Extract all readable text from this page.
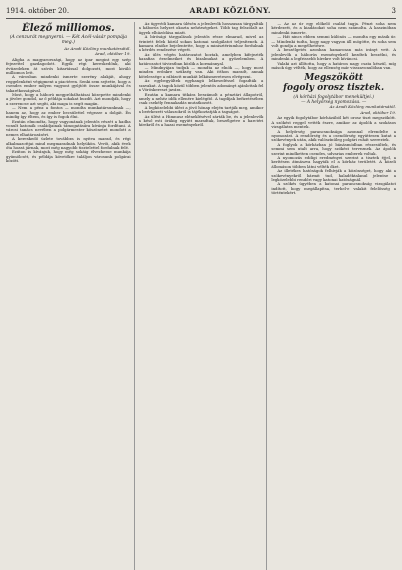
1914. október 20.	ARADI KÖZLÖNY.	3
Élező milliomos.
(A cenzurát megnyerni. — Két Acél-vásár pompája meg.)
Az Aradi Közlöny munkatársától.
Arad, október 19.

Aligha a magyarországi, hogy az ipar megint egy szép fejezettel gazdagodott. Egyik régi kereskedőnk, aki évtizedeken át szívós kitartással dolgozott, most kiváló milliomos lett.

A városban mindenki ismerte szerény alakját, ahogy reggelenként végigment a piactéren. Senki sem sejtette, hogy a csendes ember milyen vagyont gyűjtött össze munkájával és takarékosságával.

Most, hogy a háború megpróbáltatásai közepette mindenki a jövőre gondol, az ő példája sokakat buzdít. Azt mondják, hogy a szerencse azt segíti, aki maga is segít magán.

— Nem a pénz a fontos — mondta munkatársunknak —, hanem az, hogy az ember becsülettel végezze a dolgát. Én mindig így éltem, és így is fogok élni.

Ezután elmondta, hogy vagyonának jelentős részét a hadba vonult katonák családjainak támogatására kívánja fordítani. A városi tanács nevében a polgármester köszönetet mondott a nemes elhatározásért.

A kereskedő üzlete továbbra is nyitva marad, és régi alkalmazottjai mind megmaradnak helyükön. Vevői, akik évek óta hozzá járnak, most még nagyobb tisztelettel fordulnak felé.

Ezúton is kívánjuk, hogy még sokáig élvezhesse munkája gyümölcsét, és példája követőkre találjon városunk polgárai között.

Az ügyvédi kamara ülésén a jelenlevők hosszasan tárgyalták a háborús helyzet okozta nehézségeket. Több tag felszólalt az ügyek elhúzódása miatt.

A bírósági tárgyalások jelentős része elmarad, mivel az érintett felek közül sokan katonai szolgálatot teljesítenek. A kamara elnöke bejelentette, hogy a minisztériumhoz fordulnak a kérdés rendezése végett.

Az ülés végén határozatot hoztak, amelyben kifejezték hazafias érzelmeiket és bizalmukat a győzelemben. A határozatot táviratban közlik a kormánnyal.

— Mindnyájan tudjuk — mondta az elnök —, hogy most minden erőnkre szükség van. Aki itthon maradt, annak kötelessége a rábízott munkát lelkiismeretesen elvégezni.

Az egybegyűltek egyhangú lelkesedéssel fogadták a szavakat. A tagok közül többen jelentős adományt ajánlottak fel a Vöröskereszt javára.

Ezután a kamara titkára beszámolt a pénztári állapotról, amely a nehéz idők ellenére kielégítő. A tagdíjak befizetésében csak csekély fennakadás mutatkozott.

A legközelebbi ülést a jövő hónap elején tartják meg, amikor a beérkezett válaszokról is tájékoztatják a tagságot.

Az ülést a Himnusz eléneklésével zárták be, és a jelenlevők a késő esti órákig együtt maradtak, beszélgetve a harctéri hírekről és a hazai eseményekről.

— Az az úr egy előkelő család tagja. Pénzt soha nem kérdezett, és a kiadásokat soha nem számolta. A kaszinóban mindenki ismerte.

— Hát nincs ebben semmi különös — mondta egy másik úr. — Mindenki tudta, hogy nagy vagyon áll mögötte, és soha sem volt gondja a megélhetésre.

A beszélgetés azonban hamarosan más irányt vett. A jelenlevők a háborús eseményekről kezdtek beszélni, és mindenki a legfrissebb hírekre volt kíváncsi.

Valaki azt állította, hogy a határon nagy csata készül, míg mások úgy vélték, hogy az ellenség már visszavonulóban van.

Megszökött
fogoly orosz tisztek.
(A kórházi fogolytábor menekültjei.)
— A helyőrség nyomozása. —
Az Aradi Közlöny munkatársától.
Arad, október 19.

Az egyik fogolytábor kórházából két orosz tiszt megszökött. A szökést reggel vették észre, amikor az ápolók a szokásos vizsgálatra mentek.

A helyőrség parancsnoksága azonnal elrendelte a nyomozást. A rendőrség és a csendőrség együttesen kutat a szökevények után, akik valószínűleg polgári ruhát szereztek.

A foglyok a kórházban jó bánásmódban részesültek, és semmi sem utalt arra, hogy szökést terveznek. Az ápolók szerint mindketten csendes, udvarias emberek voltak.

A nyomozás eddigi eredményei szerint a tisztek éjjel, a kerítésen átmászva hagyták el a kórház területét. A közeli állomáson többen látni vélték őket.

Az illetékes hatóságok felhívják a közönséget, hogy aki a szökevényekről bármit tud, haladéktalanul jelentse a legközelebbi rendőri vagy katonai hatóságnál.

A szökés ügyében a katonai parancsnokság vizsgálatot indított, hogy megállapítsa, terhel-e valakit felelősség a történtekért.
